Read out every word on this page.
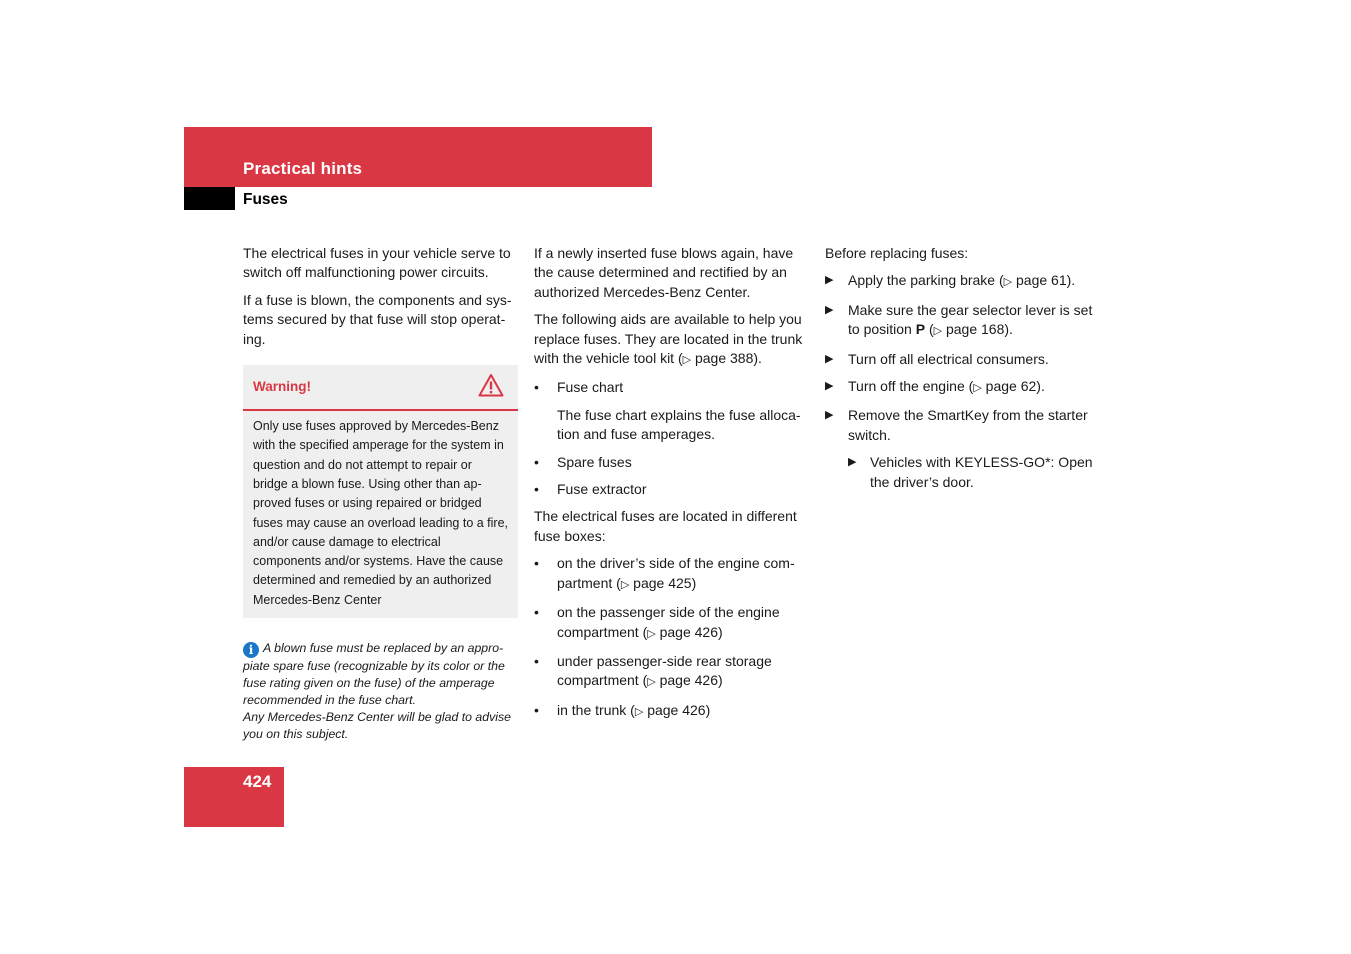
Practical hints
Fuses

The electrical fuses in your vehicle serve to switch off malfunctioning power circuits.

If a fuse is blown, the components and sys-tems secured by that fuse will stop operat-ing.

Warning!
Only use fuses approved by Mercedes-Benz with the specified amperage for the system in question and do not attempt to repair or bridge a blown fuse. Using other than ap-proved fuses or using repaired or bridged fuses may cause an overload leading to a fire, and/or cause damage to electrical components and/or systems. Have the cause determined and remedied by an authorized Mercedes-Benz Center
i A blown fuse must be replaced by an appro-piate spare fuse (recognizable by its color or the fuse rating given on the fuse) of the amperage recommended in the fuse chart.
Any Mercedes-Benz Center will be glad to advise you on this subject.

If a newly inserted fuse blows again, have the cause determined and rectified by an authorized Mercedes-Benz Center.

The following aids are available to help you replace fuses. They are located in the trunk with the vehicle tool kit (▷ page 388).

• Fuse chart
The fuse chart explains the fuse alloca-tion and fuse amperages.
• Spare fuses
• Fuse extractor

The electrical fuses are located in different fuse boxes:

• on the driver’s side of the engine com-partment (▷ page 425)
• on the passenger side of the engine compartment (▷ page 426)
• under passenger-side rear storage compartment (▷ page 426)
• in the trunk (▷ page 426)

Before replacing fuses:

▶ Apply the parking brake (▷ page 61).
▶ Make sure the gear selector lever is set to position P (▷ page 168).
▶ Turn off all electrical consumers.
▶ Turn off the engine (▷ page 62).
▶ Remove the SmartKey from the starter switch.
▶ Vehicles with KEYLESS-GO*: Open the driver’s door.
424
